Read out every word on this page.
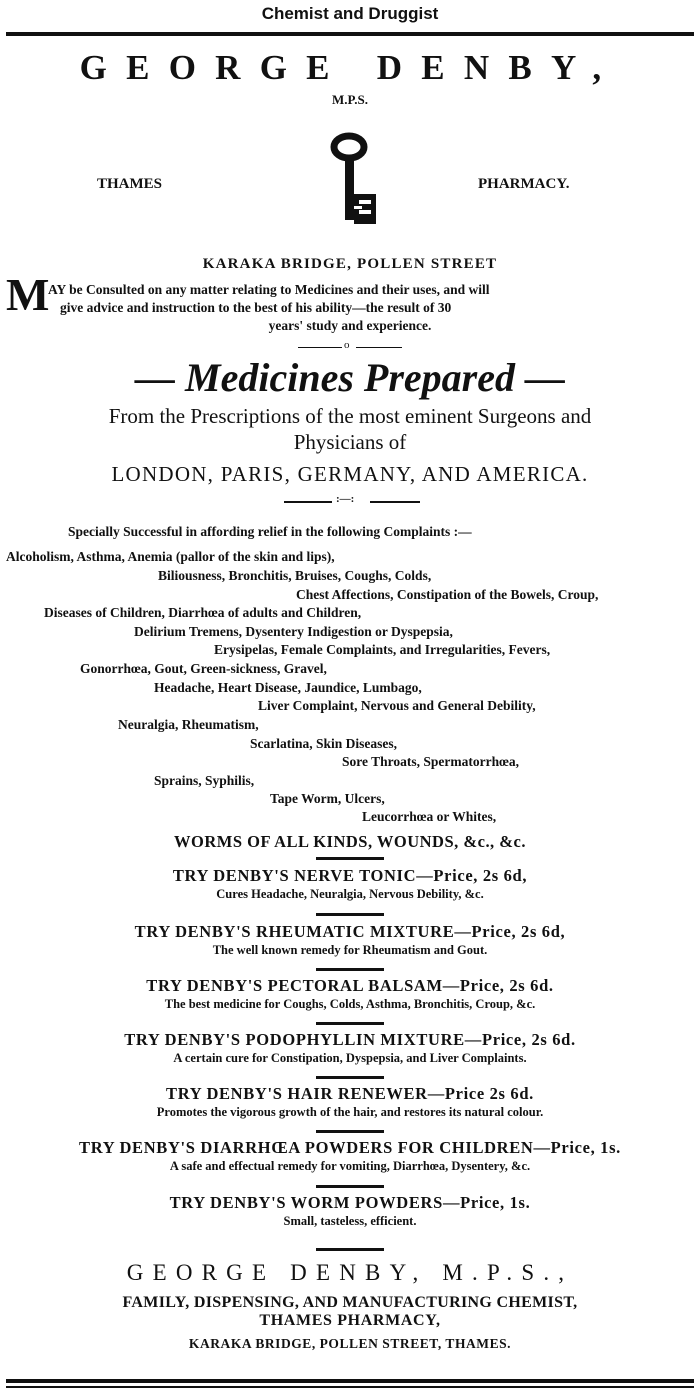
Chemist and Druggist
GEORGE DENBY,
M.P.S.
THAMES	PHARMACY.
KARAKA BRIDGE, POLLEN STREET
M
AY be Consulted on any matter relating to Medicines and their uses, and will
give advice and instruction to the best of his ability—the result of 30
years' study and experience.
o
— Medicines Prepared —
From the Prescriptions of the most eminent Surgeons and
Physicians of
LONDON, PARIS, GERMANY, AND AMERICA.
:—:
Specially Successful in affording relief in the following Complaints :—
Alcoholism, Asthma, Anemia (pallor of the skin and lips),
Biliousness, Bronchitis, Bruises, Coughs, Colds,
Chest Affections, Constipation of the Bowels, Croup,
Diseases of Children, Diarrhœa of adults and Children,
Delirium Tremens, Dysentery Indigestion or Dyspepsia,
Erysipelas, Female Complaints, and Irregularities, Fevers,
Gonorrhœa, Gout, Green-sickness, Gravel,
Headache, Heart Disease, Jaundice, Lumbago,
Liver Complaint, Nervous and General Debility,
Neuralgia, Rheumatism,
Scarlatina, Skin Diseases,
Sore Throats, Spermatorrhœa,
Sprains, Syphilis,
Tape Worm, Ulcers,
Leucorrhœa or Whites,
WORMS OF ALL KINDS, WOUNDS, &c., &c.
TRY DENBY'S NERVE TONIC—Price, 2s 6d,
Cures Headache, Neuralgia, Nervous Debility, &c.
TRY DENBY'S RHEUMATIC MIXTURE—Price, 2s 6d,
The well known remedy for Rheumatism and Gout.
TRY DENBY'S PECTORAL BALSAM—Price, 2s 6d.
The best medicine for Coughs, Colds, Asthma, Bronchitis, Croup, &c.
TRY DENBY'S PODOPHYLLIN MIXTURE—Price, 2s 6d.
A certain cure for Constipation, Dyspepsia, and Liver Complaints.
TRY DENBY'S HAIR RENEWER—Price 2s 6d.
Promotes the vigorous growth of the hair, and restores its natural colour.
TRY DENBY'S DIARRHŒA POWDERS FOR CHILDREN—Price, 1s.
A safe and effectual remedy for vomiting, Diarrhœa, Dysentery, &c.
TRY DENBY'S WORM POWDERS—Price, 1s.
Small, tasteless, efficient.
GEORGE DENBY, M.P.S.,
FAMILY, DISPENSING, AND MANUFACTURING CHEMIST,
THAMES PHARMACY,
KARAKA BRIDGE, POLLEN STREET, THAMES.
